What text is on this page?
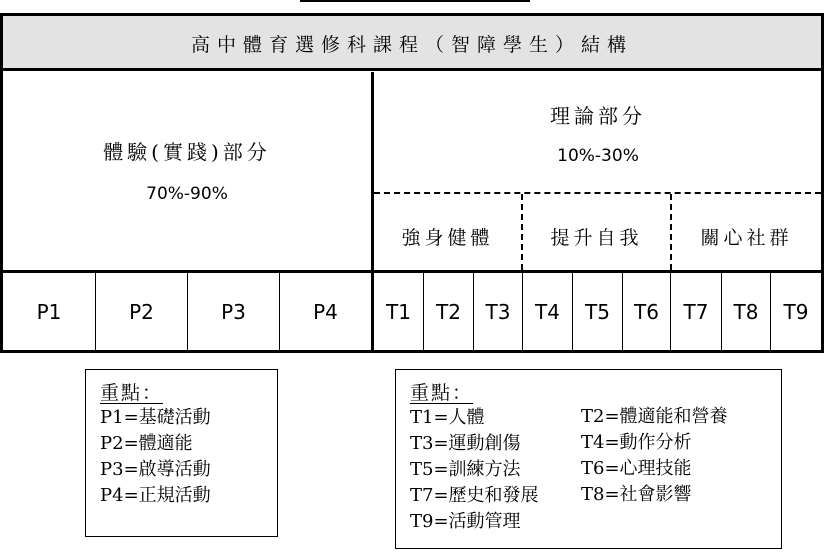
高中體育選修科課程（智障學生）結構
體驗(實踐)部分
70%-90%
理論部分
10%-30%
強身健體	提升自我	關心社群
P1	P2	P3	P4	T1	T2	T3	T4	T5	T6	T7	T8	T9
重點：
P1=基礎活動
P2=體適能
P3=啟導活動
P4=正規活動
重點：
T1=人體
T3=運動創傷
T5=訓練方法
T7=歷史和發展
T9=活動管理
T2=體適能和營養
T4=動作分析
T6=心理技能
T8=社會影響
